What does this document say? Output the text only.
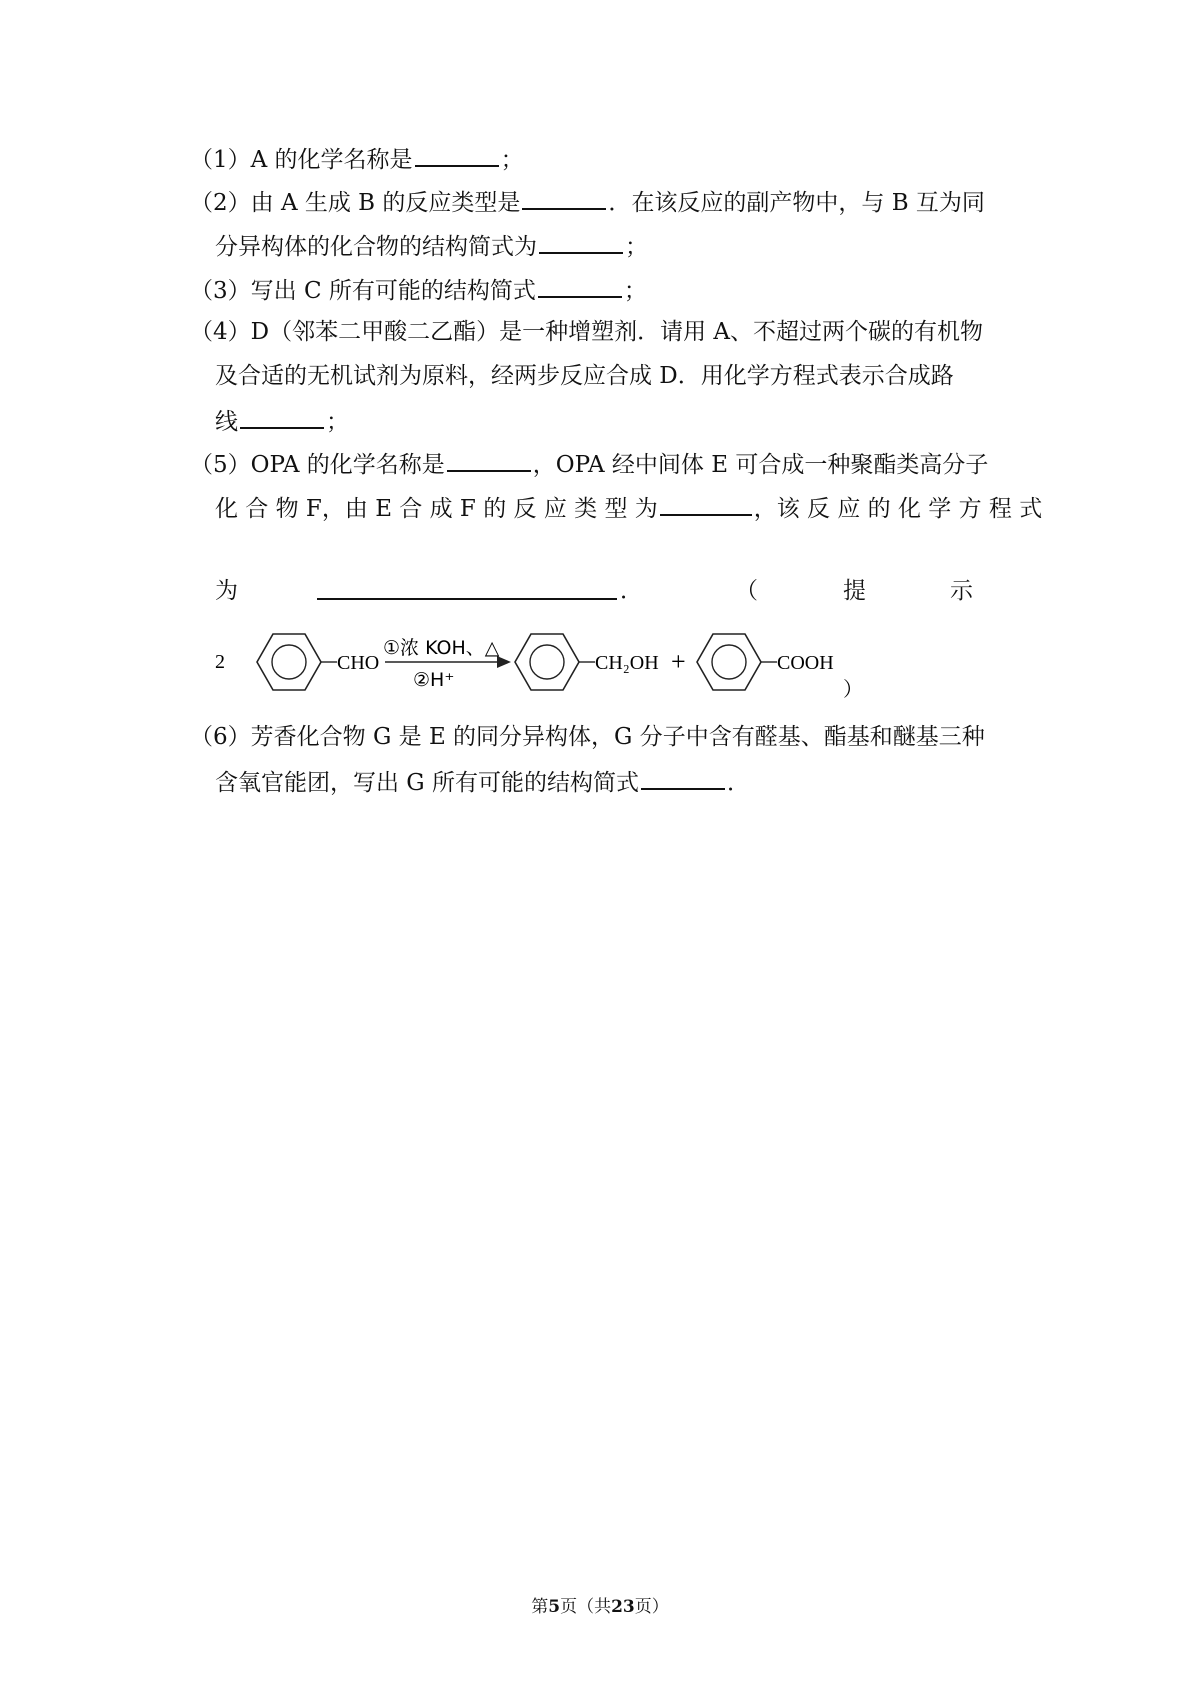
（1）A 的化学名称是	；
（2）由 A 生成 B 的反应类型是	．在该反应的副产物中，与 B 互为同
分异构体的化合物的结构简式为	；
（3）写出 C 所有可能的结构简式	；
（4）D（邻苯二甲酸二乙酯）是一种增塑剂．请用 A、不超过两个碳的有机物
及合适的无机试剂为原料，经两步反应合成 D．用化学方程式表示合成路
线	；
（5）OPA 的化学名称是	，OPA 经中间体 E 可合成一种聚酯类高分子
化 合 物 F，由 E 合 成 F 的 反 应 类 型 为	，该 反 应 的 化 学 方 程 式
为	．	（	提	示
2	CHO
①浓 KOH、△
②H⁺
CH₂OH +	COOH
）
（6）芳香化合物 G 是 E 的同分异构体，G 分子中含有醛基、酯基和醚基三种
含氧官能团，写出 G 所有可能的结构简式	．
第5页（共23页）
